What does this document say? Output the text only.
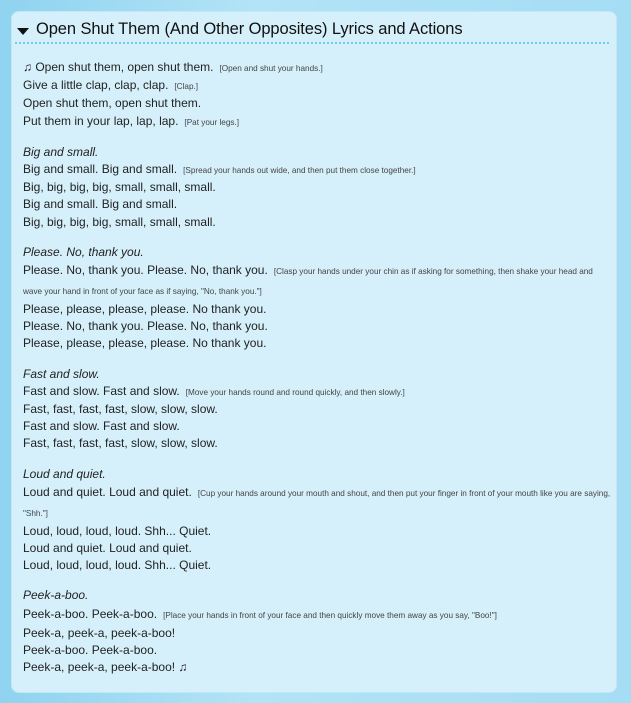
Open Shut Them (And Other Opposites) Lyrics and Actions
♫ Open shut them, open shut them. [Open and shut your hands.]
Give a little clap, clap, clap. [Clap.]
Open shut them, open shut them.
Put them in your lap, lap, lap. [Pat your legs.]
Big and small.
Big and small. Big and small. [Spread your hands out wide, and then put them close together.]
Big, big, big, big, small, small, small.
Big and small. Big and small.
Big, big, big, big, small, small, small.
Please. No, thank you.
Please. No, thank you. Please. No, thank you. [Clasp your hands under your chin as if asking for something, then shake your head and wave your hand in front of your face as if saying, "No, thank you."]
Please, please, please, please. No thank you.
Please. No, thank you. Please. No, thank you.
Please, please, please, please. No thank you.
Fast and slow.
Fast and slow. Fast and slow. [Move your hands round and round quickly, and then slowly.]
Fast, fast, fast, fast, slow, slow, slow.
Fast and slow. Fast and slow.
Fast, fast, fast, fast, slow, slow, slow.
Loud and quiet.
Loud and quiet. Loud and quiet. [Cup your hands around your mouth and shout, and then put your finger in front of your mouth like you are saying, "Shh."]
Loud, loud, loud, loud. Shh... Quiet.
Loud and quiet. Loud and quiet.
Loud, loud, loud, loud. Shh... Quiet.
Peek-a-boo.
Peek-a-boo. Peek-a-boo. [Place your hands in front of your face and then quickly move them away as you say, "Boo!"]
Peek-a, peek-a, peek-a-boo!
Peek-a-boo. Peek-a-boo.
Peek-a, peek-a, peek-a-boo! ♫
